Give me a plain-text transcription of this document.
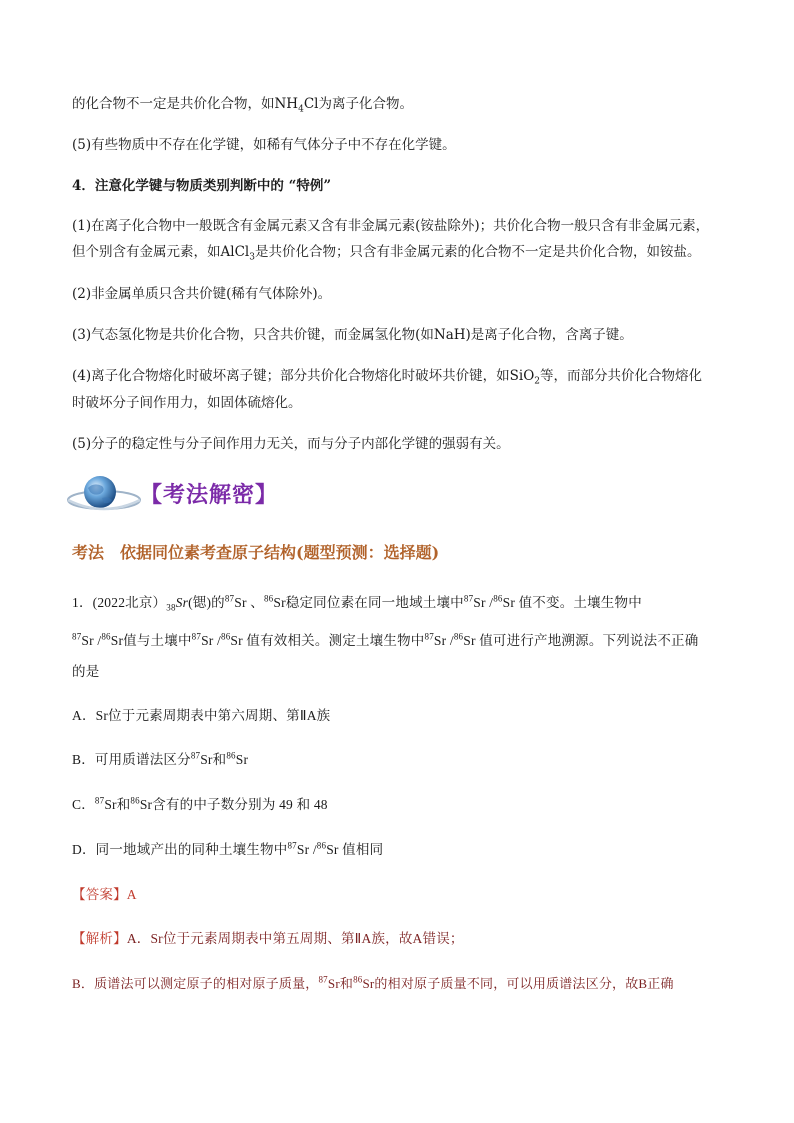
的化合物不一定是共价化合物，如$NH_4Cl$为离子化合物。
(5)有些物质中不存在化学键，如稀有气体分子中不存在化学键。
4．注意化学键与物质类别判断中的 “特例”
(1)在离子化合物中一般既含有金属元素又含有非金属元素(铵盐除外)；共价化合物一般只含有非金属元素，
但个别含有金属元素，如AlCl$_3$是共价化合物；只含有非金属元素的化合物不一定是共价化合物，如铵盐。
(2)非金属单质只含共价键(稀有气体除外)。
(3)气态氢化物是共价化合物，只含共价键，而金属氢化物(如NaH)是离子化合物，含离子键。
(4)离子化合物熔化时破坏离子键；部分共价化合物熔化时破坏共价键，如SiO$_2$等，而部分共价化合物熔化
时破坏分子间作用力，如固体硫熔化。
(5)分子的稳定性与分子间作用力无关，而与分子内部化学键的强弱有关。
【考法解密】
考法 依据同位素考查原子结构(题型预测：选择题)
1．(2022北京）$_{38}Sr$(锶)的$^{87}$Sr 、$^{86}$Sr稳定同位素在同一地域土壤中$^{87}$Sr /$^{86}$Sr 值不变。土壤生物中
$^{87}$Sr /$^{86}$Sr值与土壤中$^{87}$Sr /$^{86}$Sr 值有效相关。测定土壤生物中$^{87}$Sr /$^{86}$Sr 值可进行产地溯源。下列说法不正确
的是
A．Sr位于元素周期表中第六周期、第ⅡA族
B．可用质谱法区分$^{87}$Sr和$^{86}$Sr
C．$^{87}$Sr和$^{86}$Sr含有的中子数分别为 49 和 48
D．同一地域产出的同种土壤生物中$^{87}$Sr /$^{86}$Sr 值相同
【答案】A
【解析】A．Sr位于元素周期表中第五周期、第ⅡA族，故A错误；
B．质谱法可以测定原子的相对原子质量，$^{87}$Sr和$^{86}$Sr的相对原子质量不同，可以用质谱法区分，故B正确
